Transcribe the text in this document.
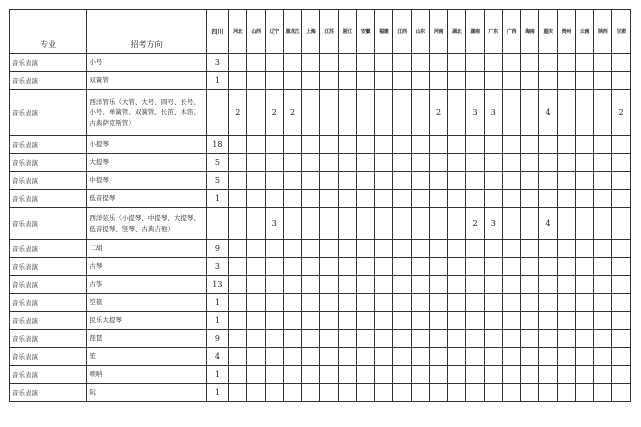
专业	招考方向	四川	河北	山西	辽宁	黑龙江	上海	江苏	浙江	安徽	福建	江西	山东	河南	湖北	湖南	广东	广西	海南	重庆	贵州	云南	陕西	甘肃
音乐表演	小号	3																						
音乐表演	双簧管	1																						
音乐表演	西洋管乐（大管、大号、圆号、长号、小号、单簧管、双簧管、长笛、木笛、古典萨克斯管）		2		2	2								2		3	3			4				2
音乐表演	小提琴	18																						
音乐表演	大提琴	5																						
音乐表演	中提琴	5																						
音乐表演	低音提琴	1																						
音乐表演	西洋弦乐（小提琴、中提琴、大提琴、低音提琴、竖琴、古典吉他）				3											2	3			4				
音乐表演	二胡	9																						
音乐表演	古琴	3																						
音乐表演	古筝	13																						
音乐表演	箜篌	1																						
音乐表演	民乐大提琴	1																						
音乐表演	琵琶	9																						
音乐表演	笙	4																						
音乐表演	唢呐	1																						
音乐表演	阮	1																						
